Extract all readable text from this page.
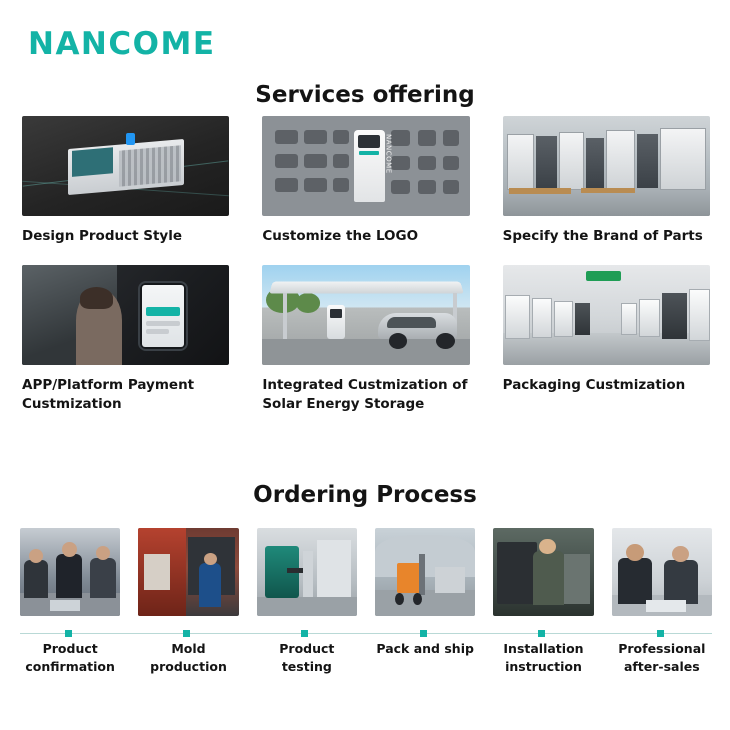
NANCOME
Services offering
Design Product Style
NANCOME
Customize the LOGO	Specify the Brand of Parts
APP/Platform Payment Custmization
Integrated Custmization of Solar Energy Storage
Packaging Custmization
Ordering Process
Product confirmation
Mold production
Product testing
Pack and ship	Installation instruction
Professional after-sales
